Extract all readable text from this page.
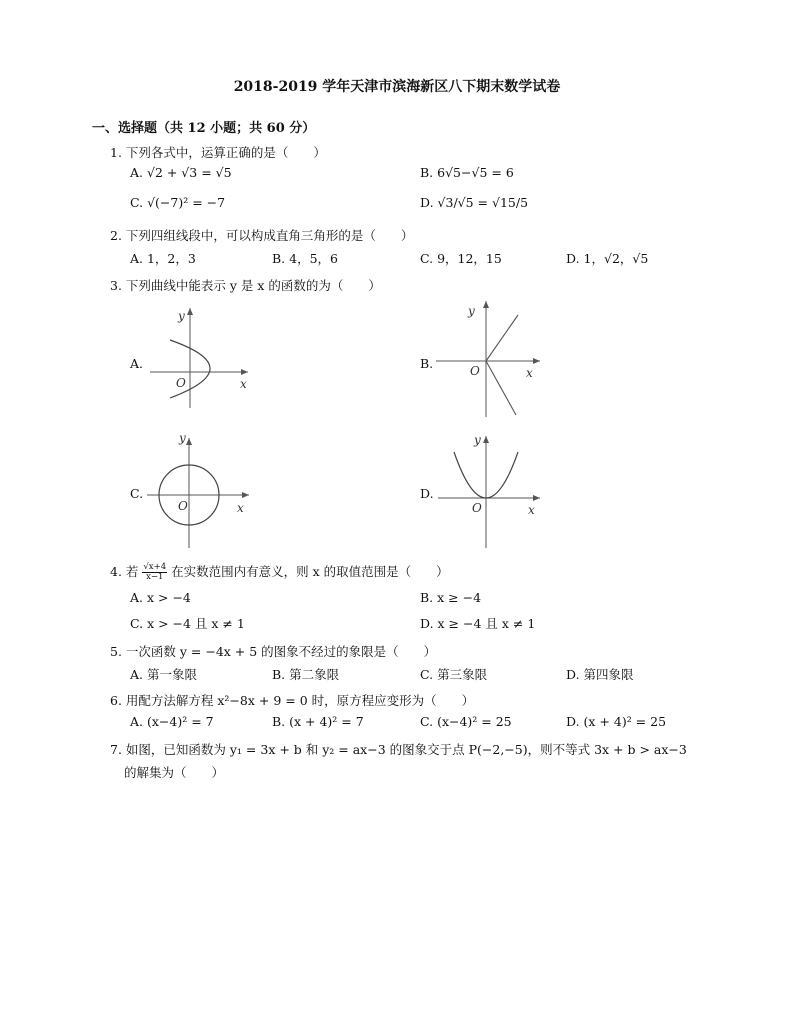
2018-2019 学年天津市滨海新区八下期末数学试卷
一、选择题（共 12 小题；共 60 分）
1. 下列各式中，运算正确的是（　　）
A. √2 + √3 = √5	B. 6√5−√5 = 6
C. √(−7)² = −7	D. √3/√5 = √15/5
2. 下列四组线段中，可以构成直角三角形的是（　　）
A. 1，2，3	B. 4，5，6	C. 9，12，15	D. 1，√2，√5
3. 下列曲线中能表示 y 是 x 的函数的为（　　）
A.
y
x
O
B.
y
x
O
C.
y
x
O
D.
y
x
O
4. 若 $\frac{√x+4}{x-1}$ 在实数范围内有意义，则 x 的取值范围是（　　）
A. x > −4	B. x ≥ −4
C. x > −4 且 x ≠ 1	D. x ≥ −4 且 x ≠ 1
5. 一次函数 y = −4x + 5 的图象不经过的象限是（　　）
A. 第一象限	B. 第二象限	C. 第三象限	D. 第四象限
6. 用配方法解方程 x²−8x + 9 = 0 时，原方程应变形为（　　）
A. (x−4)² = 7	B. (x + 4)² = 7	C. (x−4)² = 25	D. (x + 4)² = 25
7. 如图，已知函数为 y₁ = 3x + b 和 y₂ = ax−3 的图象交于点 P(−2,−5)，则不等式 3x + b > ax−3
的解集为（　　）
